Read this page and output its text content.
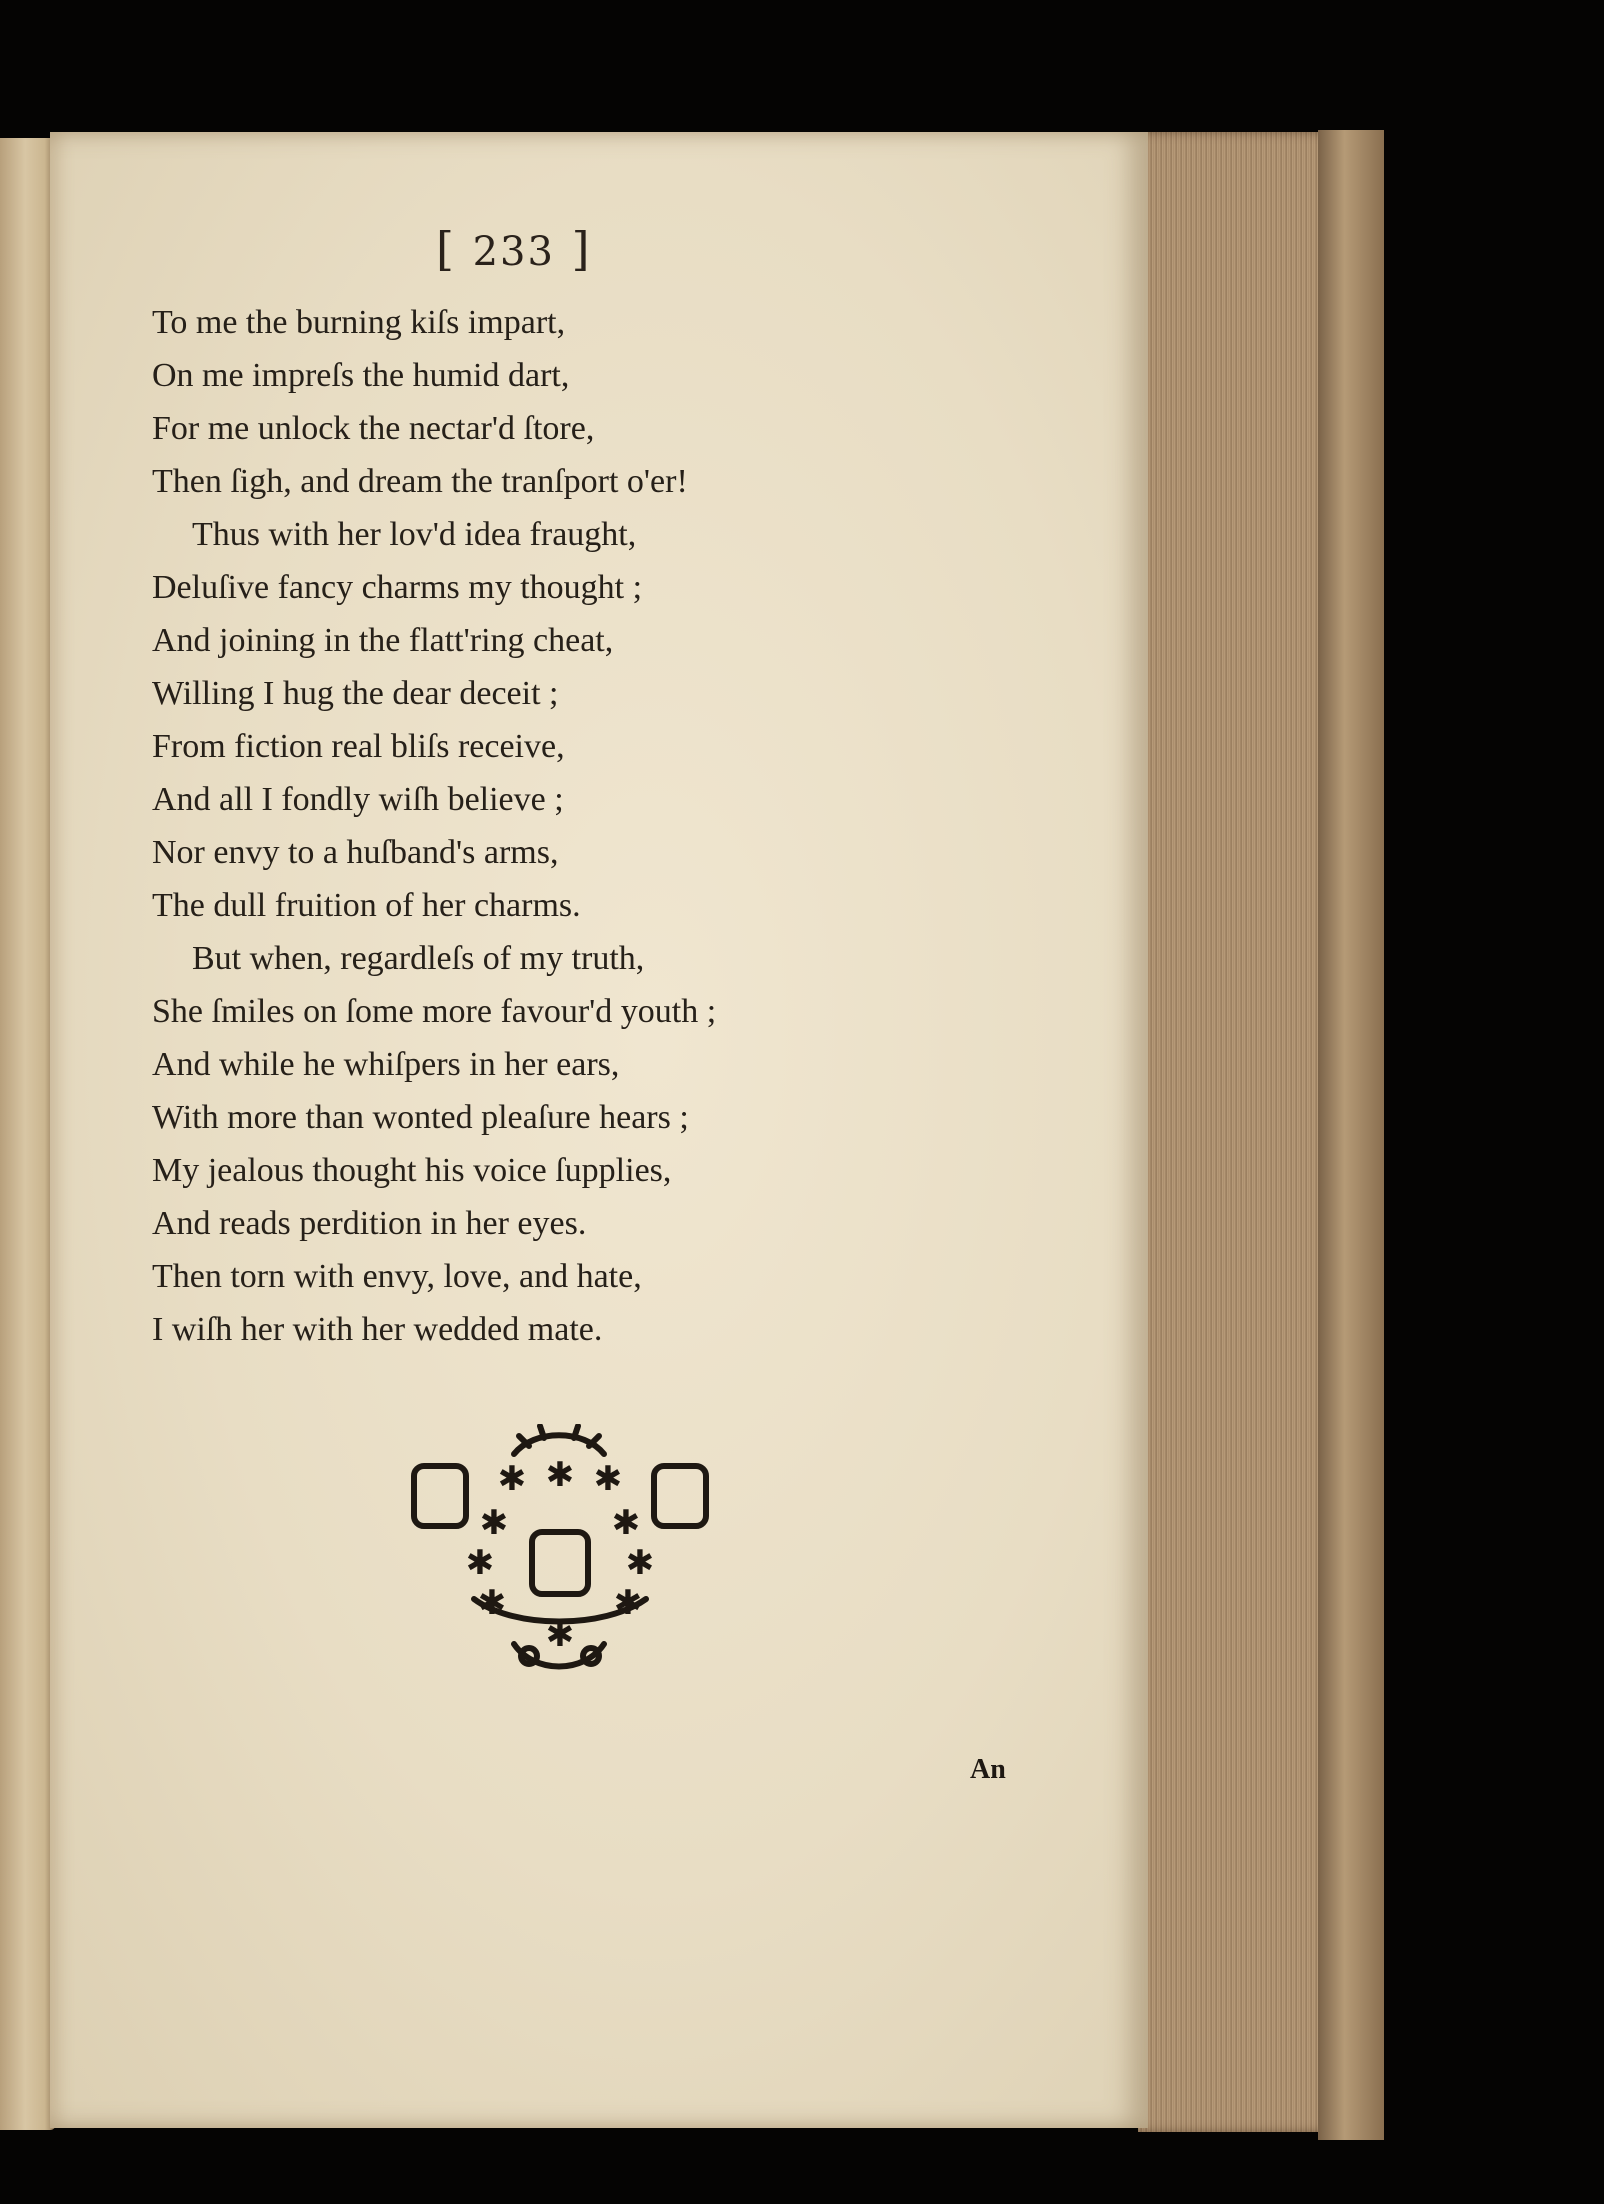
[ 233 ]
To me the burning kiſs impart,
On me impreſs the humid dart,
For me unlock the nectar'd ſtore,
Then ſigh, and dream the tranſport o'er!
Thus with her lov'd idea fraught,
Deluſive fancy charms my thought ;
And joining in the flatt'ring cheat,
Willing I hug the dear deceit ;
From fiction real bliſs receive,
And all I fondly wiſh believe ;
Nor envy to a huſband's arms,
The dull fruition of her charms.
But when, regardleſs of my truth,
She ſmiles on ſome more favour'd youth ;
And while he whiſpers in her ears,
With more than wonted pleaſure hears ;
My jealous thought his voice ſupplies,
And reads perdition in her eyes.
Then torn with envy, love, and hate,
I wiſh her with her wedded mate.
✱ ✱ ✱
✱	✱
✱	✱
✱	✱
✱
An
